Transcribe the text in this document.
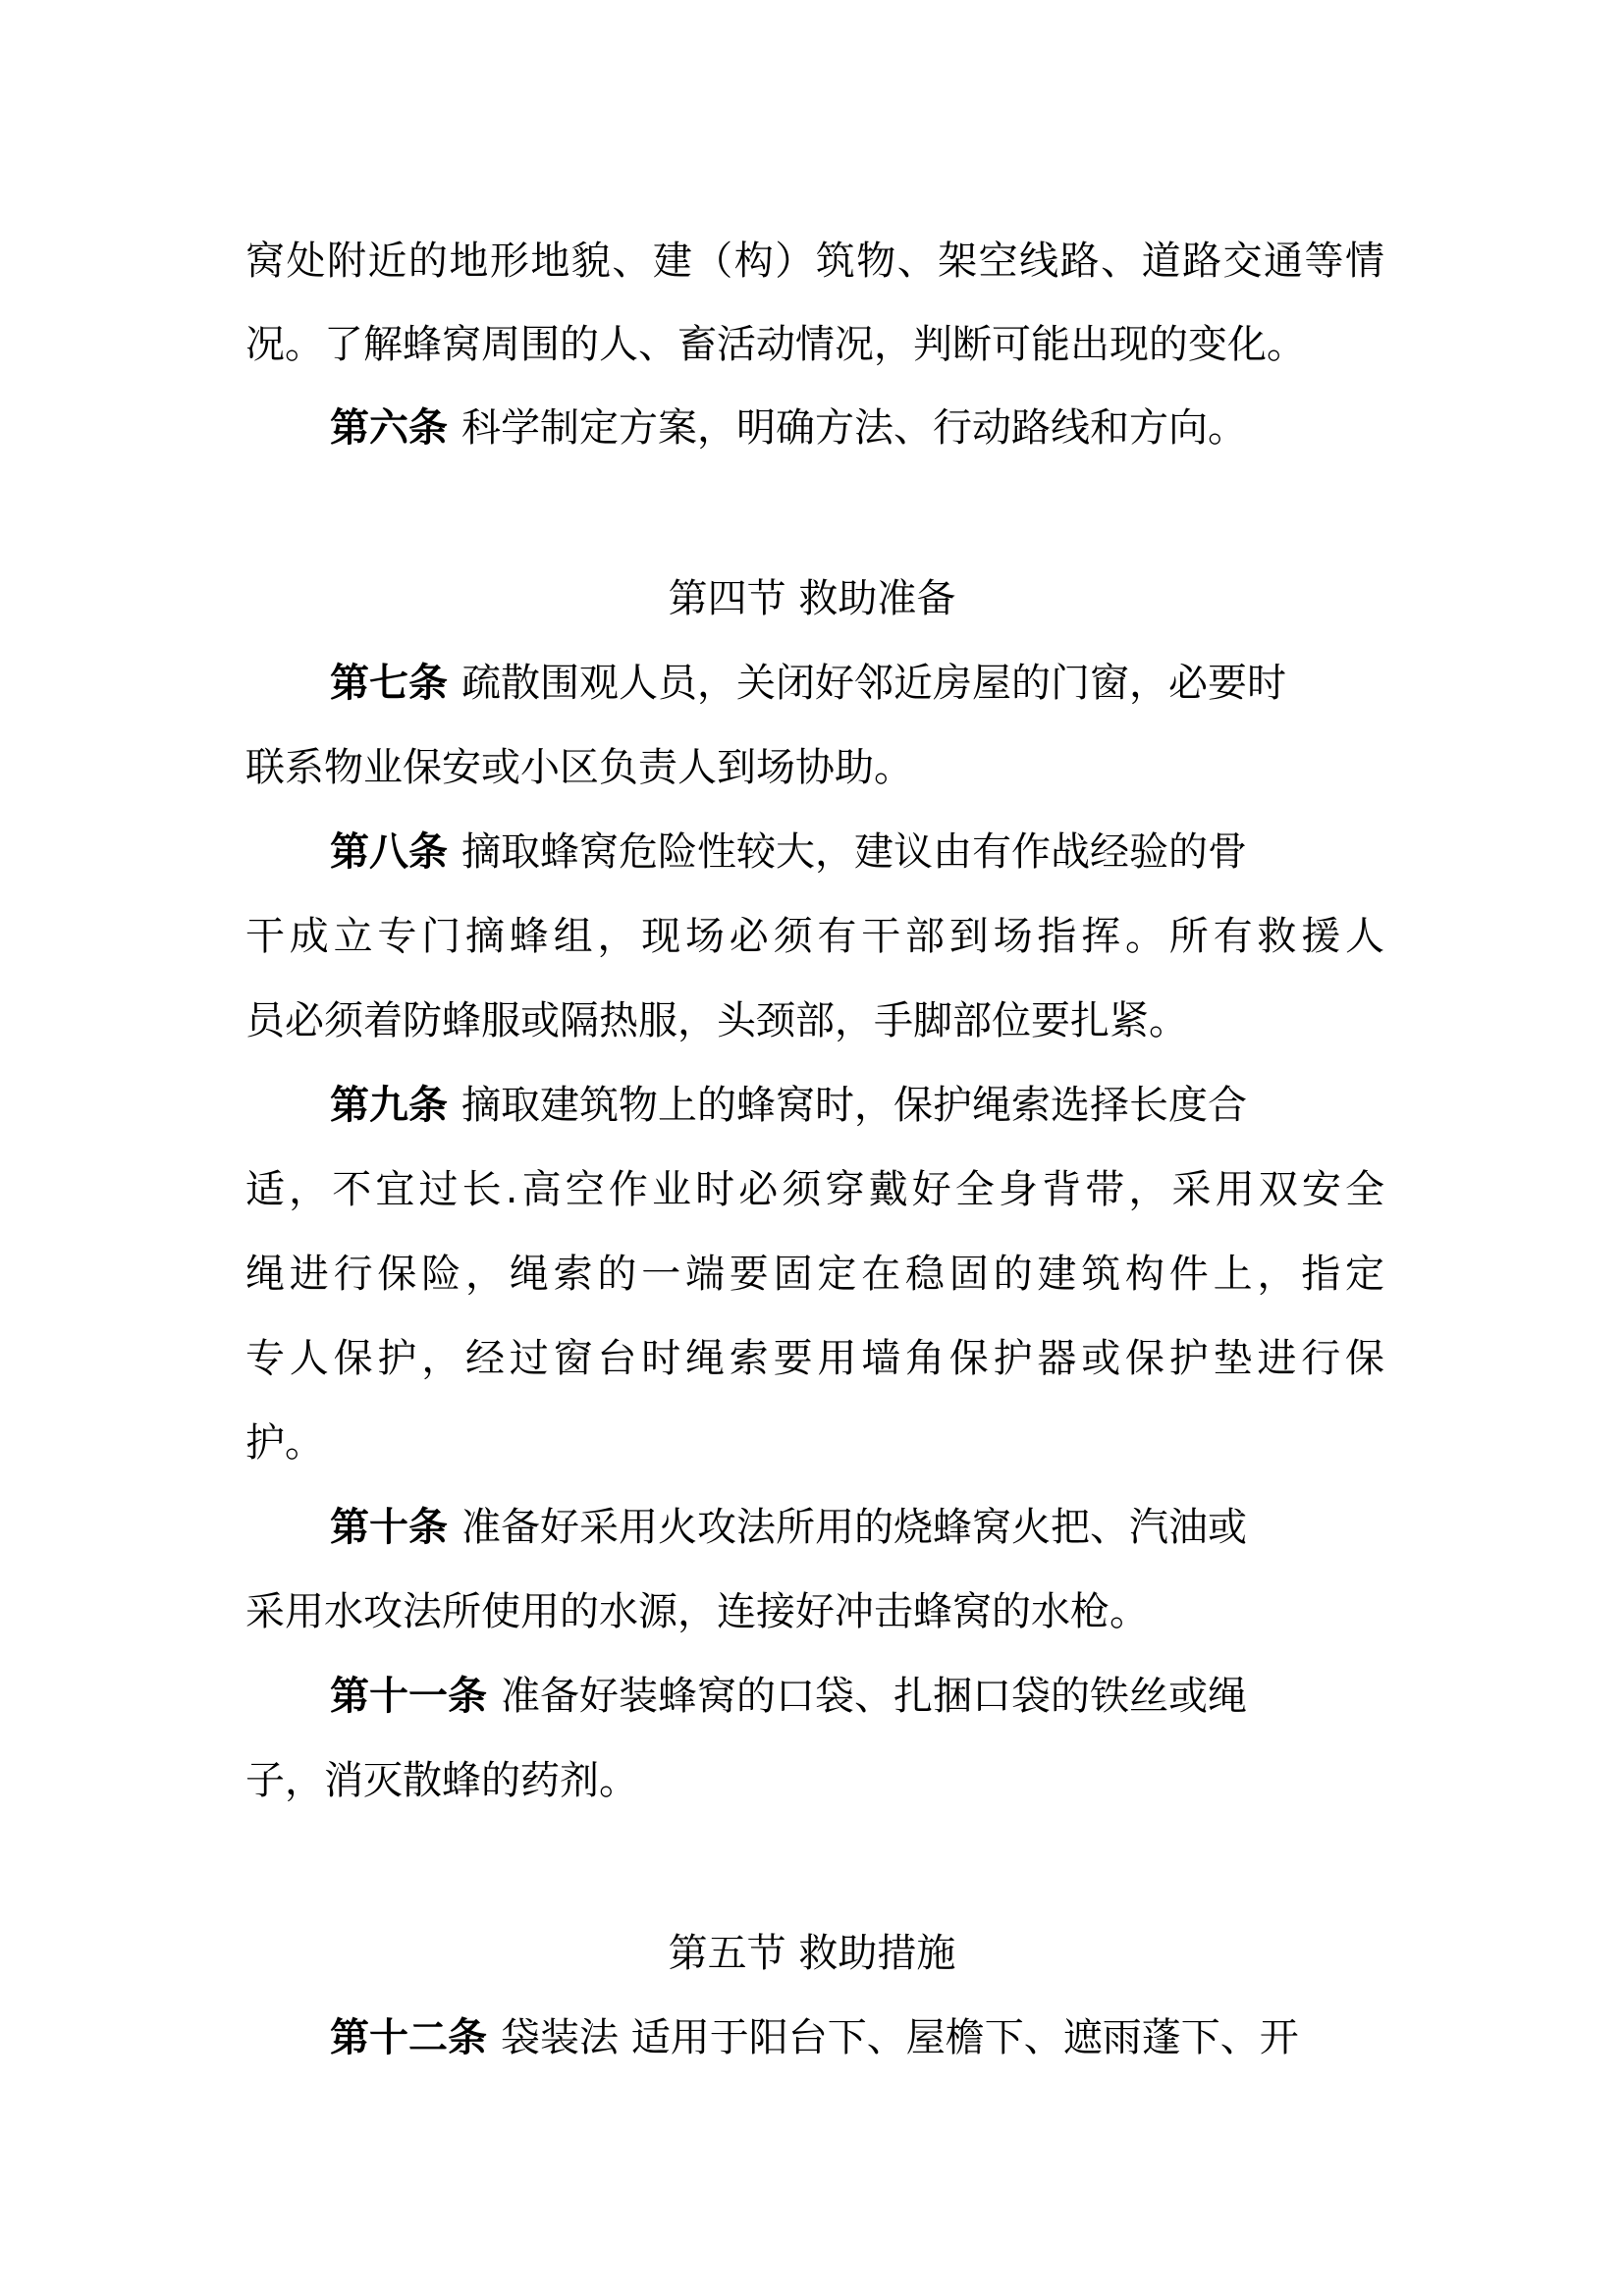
窝处附近的地形地貌、建（构）筑物、架空线路、道路交通等情
况。了解蜂窝周围的人、畜活动情况，判断可能出现的变化。
第六条 科学制定方案，明确方法、行动路线和方向。
第四节 救助准备
第七条 疏散围观人员，关闭好邻近房屋的门窗，必要时
联系物业保安或小区负责人到场协助。
第八条 摘取蜂窝危险性较大，建议由有作战经验的骨
干成立专门摘蜂组，现场必须有干部到场指挥。所有救援人
员必须着防蜂服或隔热服，头颈部，手脚部位要扎紧。
第九条 摘取建筑物上的蜂窝时，保护绳索选择长度合
适，不宜过长.高空作业时必须穿戴好全身背带，采用双安全
绳进行保险，绳索的一端要固定在稳固的建筑构件上，指定
专人保护，经过窗台时绳索要用墙角保护器或保护垫进行保
护。
第十条 准备好采用火攻法所用的烧蜂窝火把、汽油或
采用水攻法所使用的水源，连接好冲击蜂窝的水枪。
第十一条 准备好装蜂窝的口袋、扎捆口袋的铁丝或绳
子，消灭散蜂的药剂。
第五节 救助措施
第十二条 袋装法 适用于阳台下、屋檐下、遮雨蓬下、开
